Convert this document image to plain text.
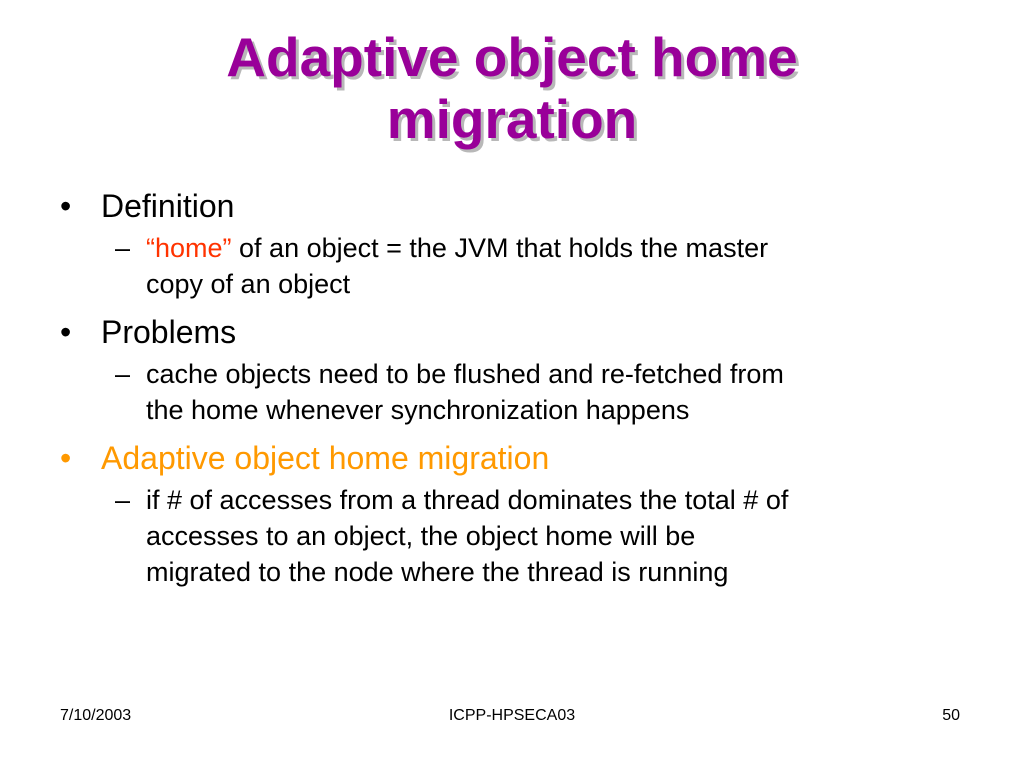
Adaptive object home
migration
• Definition
– “home” of an object = the JVM that holds the master
copy of an object
• Problems
– cache objects need to be flushed and re-fetched from
the home whenever synchronization happens
• Adaptive object home migration
– if # of accesses from a thread dominates the total # of
accesses to an object, the object home will be
migrated to the node where the thread is running
7/10/2003	ICPP-HPSECA03	50
